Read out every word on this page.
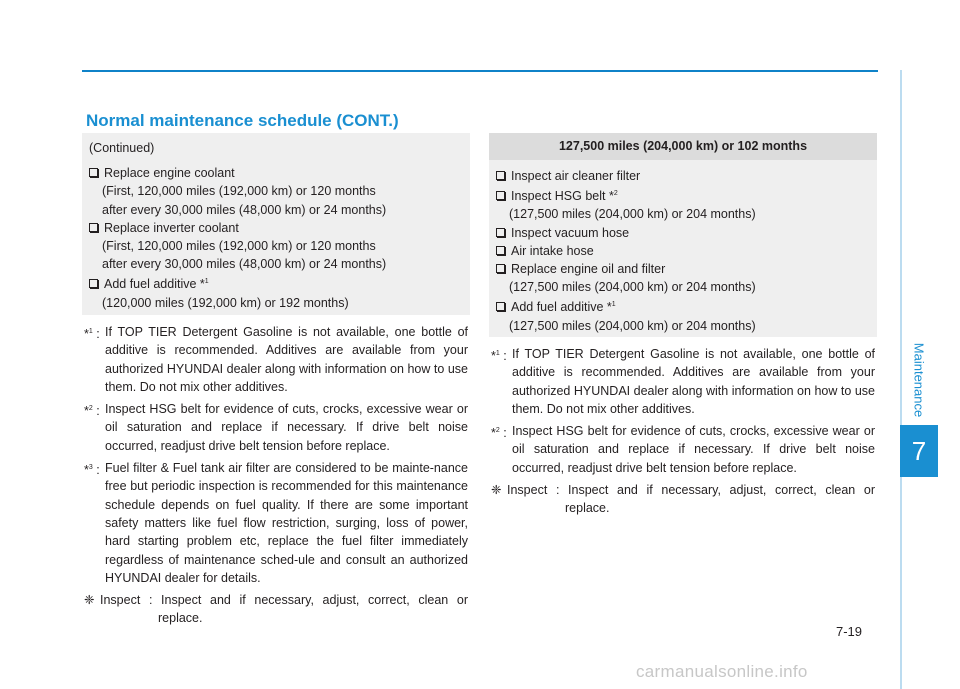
Normal maintenance schedule (CONT.)
(Continued)
Replace engine coolant
(First, 120,000 miles (192,000 km) or 120 months
after every 30,000 miles (48,000 km) or 24 months)
Replace inverter coolant
(First, 120,000 miles (192,000 km) or 120 months
after every 30,000 miles (48,000 km) or 24 months)
Add fuel additive *$^1$
(120,000 miles (192,000 km) or 192 months)
127,500 miles (204,000 km) or 102 months
Inspect air cleaner filter
Inspect HSG belt *$^2$
(127,500 miles (204,000 km) or 204 months)
Inspect vacuum hose
Air intake hose
Replace engine oil and filter
(127,500 miles (204,000 km) or 204 months)
Add fuel additive *$^1$
(127,500 miles (204,000 km) or 204 months)
*$^1$ : If TOP TIER Detergent Gasoline is not available, one bottle of additive is recommended. Additives are available from your authorized HYUNDAI dealer along with information on how to use them. Do not mix other additives.
*$^2$ : Inspect HSG belt for evidence of cuts, crocks, excessive wear or oil saturation and replace if necessary. If drive belt noise occurred, readjust drive belt tension before replace.
*$^3$ : Fuel filter & Fuel tank air filter are considered to be mainte-nance free but periodic inspection is recommended for this maintenance schedule depends on fuel quality. If there are some important safety matters like fuel flow restriction, surging, loss of power, hard starting problem etc, replace the fuel filter immediately regardless of maintenance sched-ule and consult an authorized HYUNDAI dealer for details.
❈ Inspect : Inspect and if necessary, adjust, correct, clean or replace.
*$^1$ : If TOP TIER Detergent Gasoline is not available, one bottle of additive is recommended. Additives are available from your authorized HYUNDAI dealer along with information on how to use them. Do not mix other additives.
*$^2$ : Inspect HSG belt for evidence of cuts, crocks, excessive wear or oil saturation and replace if necessary. If drive belt noise occurred, readjust drive belt tension before replace.
❈ Inspect : Inspect and if necessary, adjust, correct, clean or replace.
Maintenance
7
7-19
carmanualsonline.info
